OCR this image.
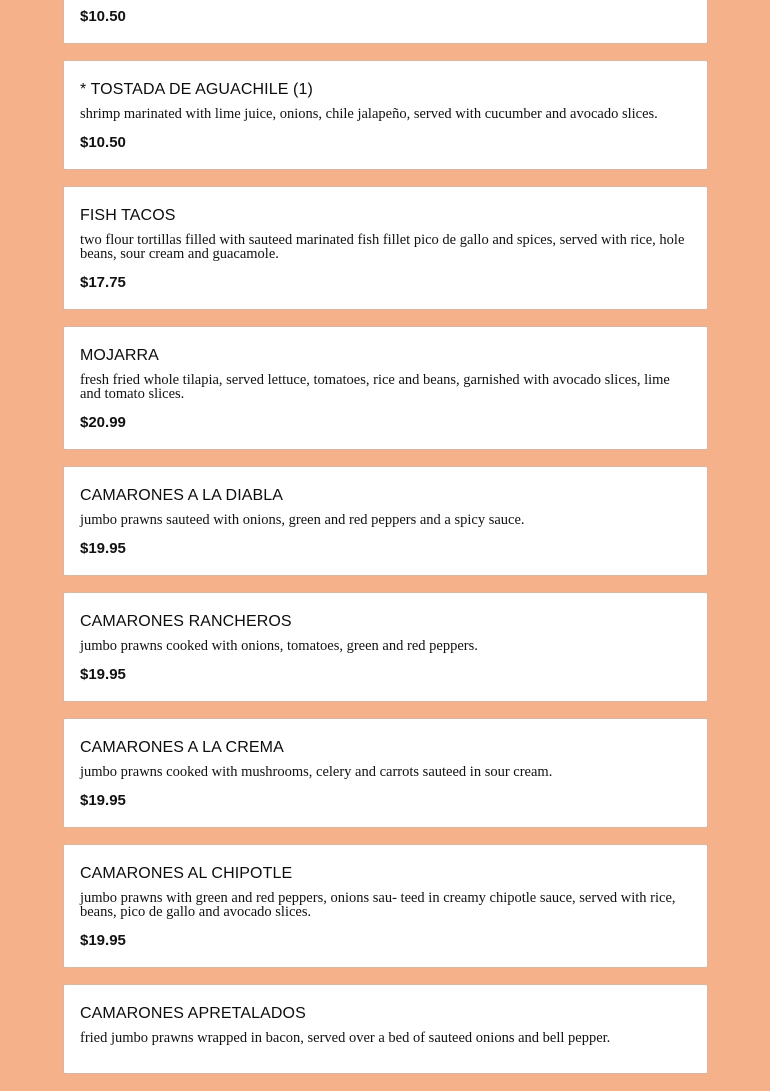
$10.50

* TOSTADA DE AGUACHILE (1)

shrimp marinated with lime juice, onions, chile jalapeño, served with cucumber and avocado slices.

$10.50

FISH TACOS

two flour tortillas filled with sauteed marinated fish fillet pico de gallo and spices, served with rice, hole beans, sour cream and guacamole.

$17.75

MOJARRA

fresh fried whole tilapia, served lettuce, tomatoes, rice and beans, garnished with avocado slices, lime and tomato slices.

$20.99

CAMARONES A LA DIABLA

jumbo prawns sauteed with onions, green and red peppers and a spicy sauce.

$19.95

CAMARONES RANCHEROS

jumbo prawns cooked with onions, tomatoes, green and red peppers.

$19.95

CAMARONES A LA CREMA

jumbo prawns cooked with mushrooms, celery and carrots sauteed in sour cream.

$19.95

CAMARONES AL CHIPOTLE

jumbo prawns with green and red peppers, onions sau- teed in creamy chipotle sauce, served with rice, beans, pico de gallo and avocado slices.

$19.95

CAMARONES APRETALADOS

fried jumbo prawns wrapped in bacon, served over a bed of sauteed onions and bell pepper.
